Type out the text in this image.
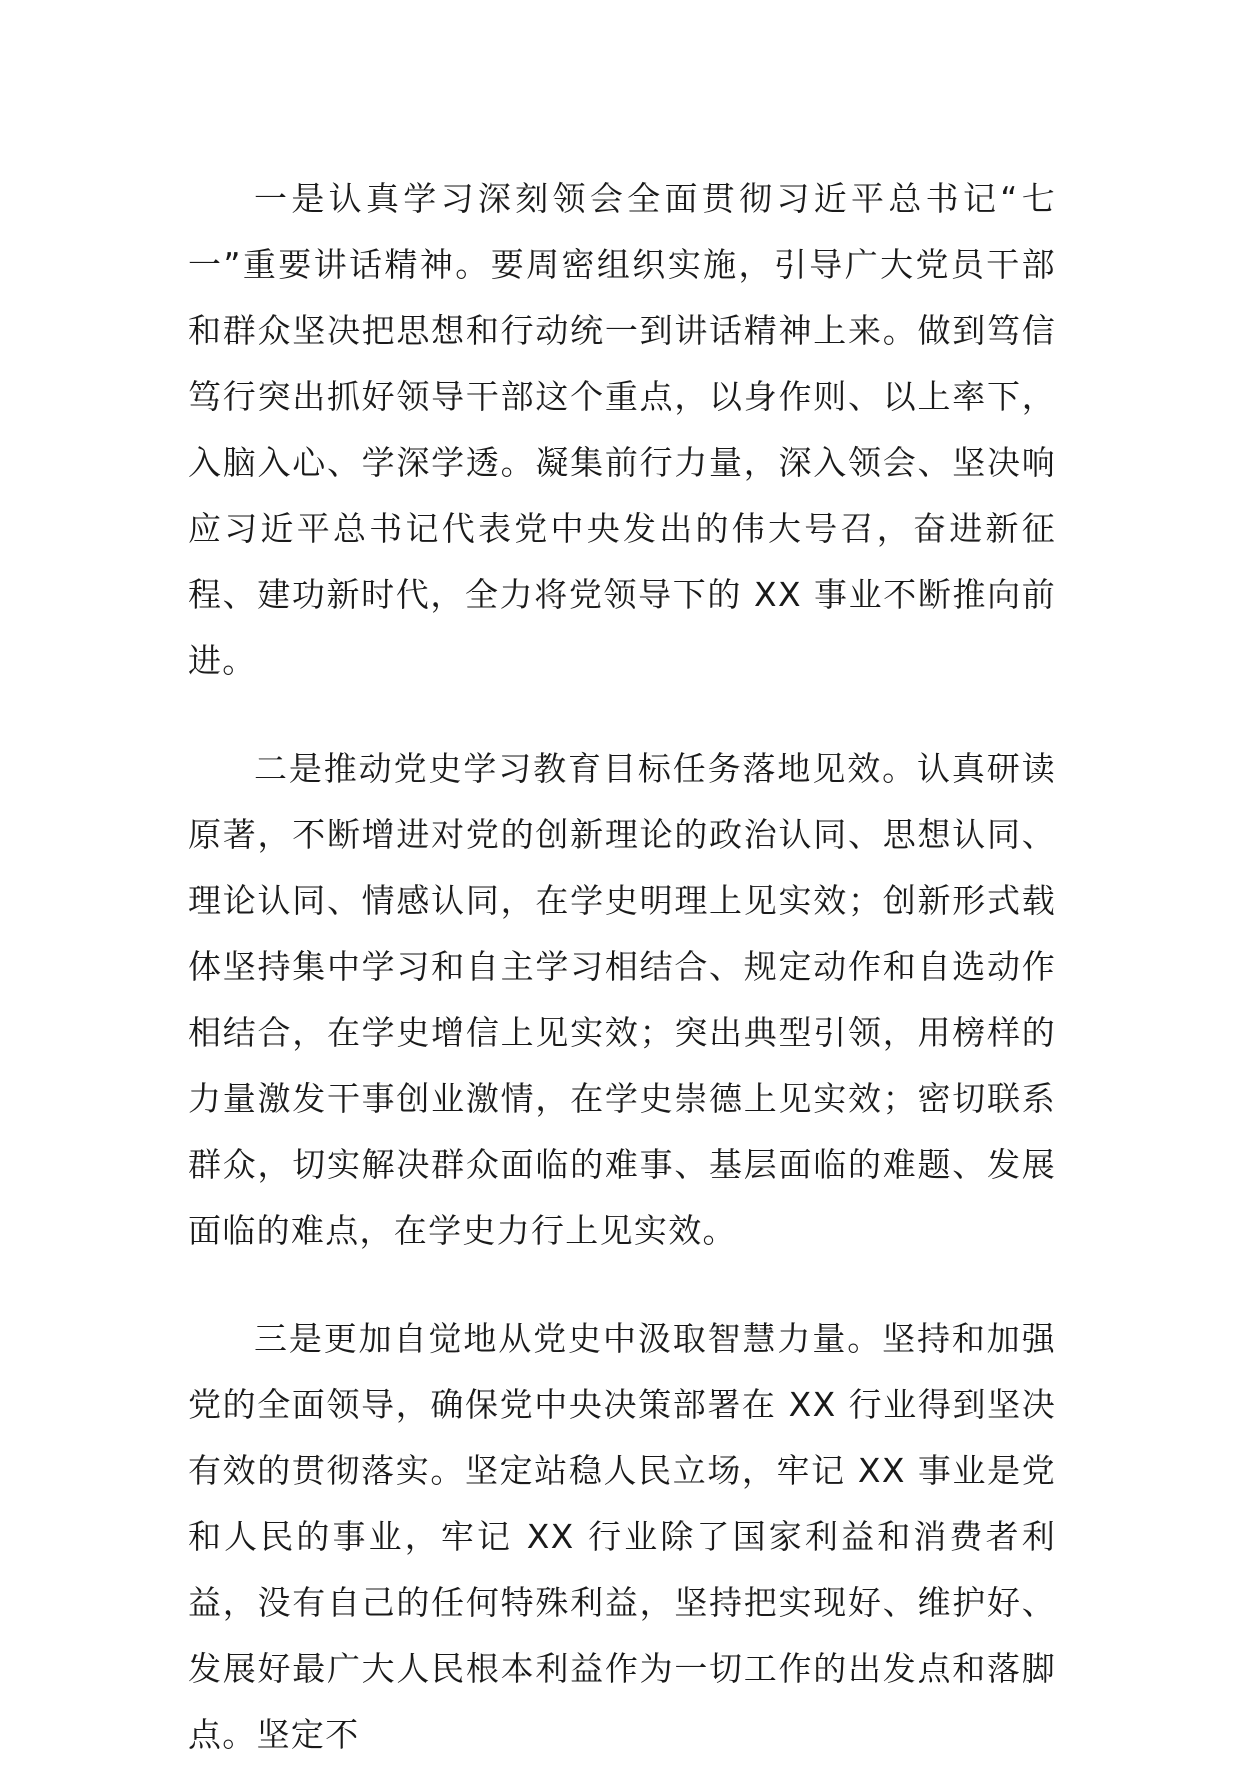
一是认真学习深刻领会全面贯彻习近平总书记“七一”重要讲话精神。要周密组织实施，引导广大党员干部和群众坚决把思想和行动统一到讲话精神上来。做到笃信笃行突出抓好领导干部这个重点，以身作则、以上率下，入脑入心、学深学透。凝集前行力量，深入领会、坚决响应习近平总书记代表党中央发出的伟大号召，奋进新征程、建功新时代，全力将党领导下的 XX 事业不断推向前进。

二是推动党史学习教育目标任务落地见效。认真研读原著，不断增进对党的创新理论的政治认同、思想认同、理论认同、情感认同，在学史明理上见实效；创新形式载体坚持集中学习和自主学习相结合、规定动作和自选动作相结合，在学史增信上见实效；突出典型引领，用榜样的力量激发干事创业激情，在学史崇德上见实效；密切联系群众，切实解决群众面临的难事、基层面临的难题、发展面临的难点，在学史力行上见实效。

三是更加自觉地从党史中汲取智慧力量。坚持和加强党的全面领导，确保党中央决策部署在 XX 行业得到坚决有效的贯彻落实。坚定站稳人民立场，牢记 XX 事业是党和人民的事业，牢记 XX 行业除了国家利益和消费者利益，没有自己的任何特殊利益，坚持把实现好、维护好、发展好最广大人民根本利益作为一切工作的出发点和落脚点。坚定不
